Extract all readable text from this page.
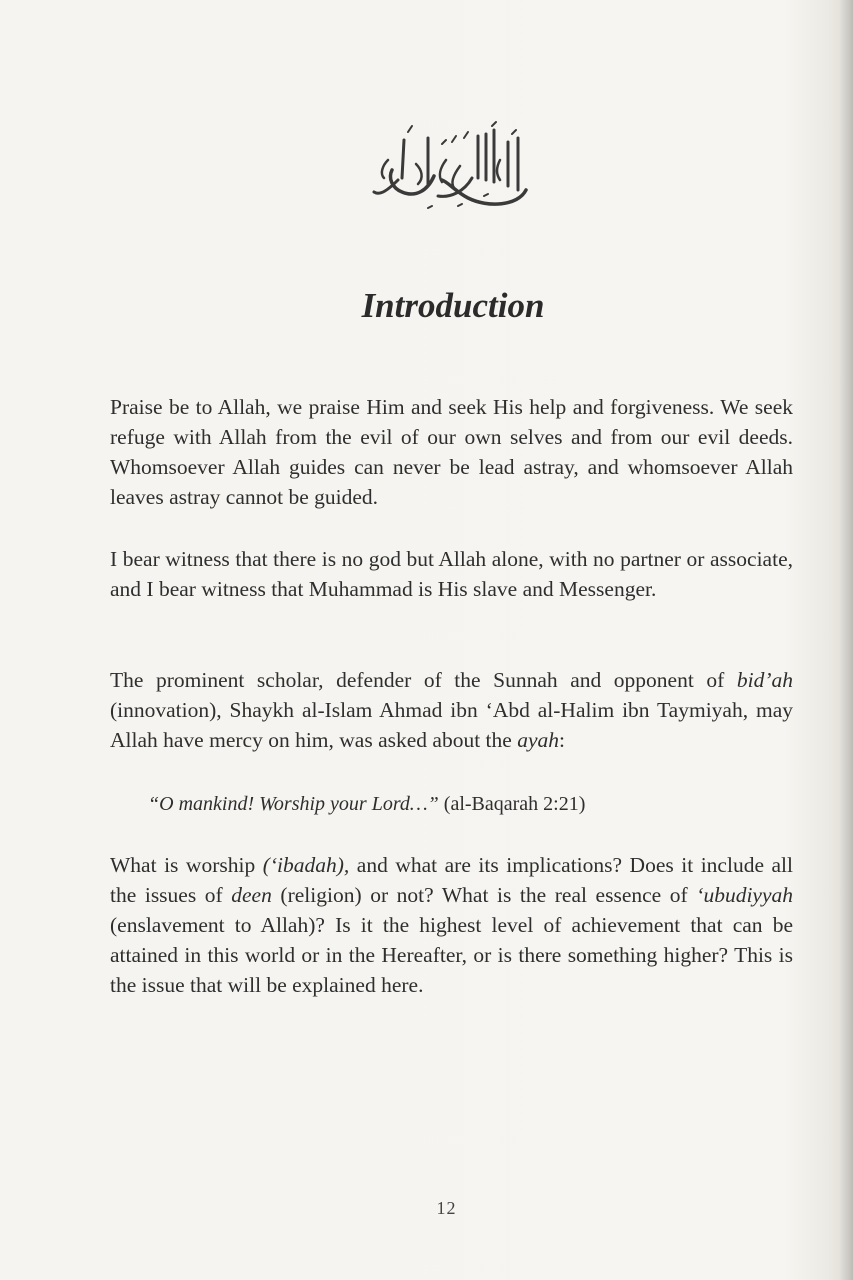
Introduction

Praise be to Allah, we praise Him and seek His help and forgiveness. We seek refuge with Allah from the evil of our own selves and from our evil deeds. Whomsoever Allah guides can never be lead astray, and whomsoever Allah leaves astray cannot be guided.

I bear witness that there is no god but Allah alone, with no partner or associate, and I bear witness that Muhammad is His slave and Messenger.

The prominent scholar, defender of the Sunnah and opponent of bid’ah (innovation), Shaykh al-Islam Ahmad ibn ‘Abd al-Halim ibn Taymiyah, may Allah have mercy on him, was asked about the ayah:

“O mankind! Worship your Lord…” (al-Baqarah 2:21)

What is worship (‘ibadah), and what are its implications? Does it include all the issues of deen (religion) or not? What is the real essence of ‘ubudiyyah (enslavement to Allah)? Is it the highest level of achievement that can be attained in this world or in the Hereafter, or is there something higher? This is the issue that will be explained here.

12
